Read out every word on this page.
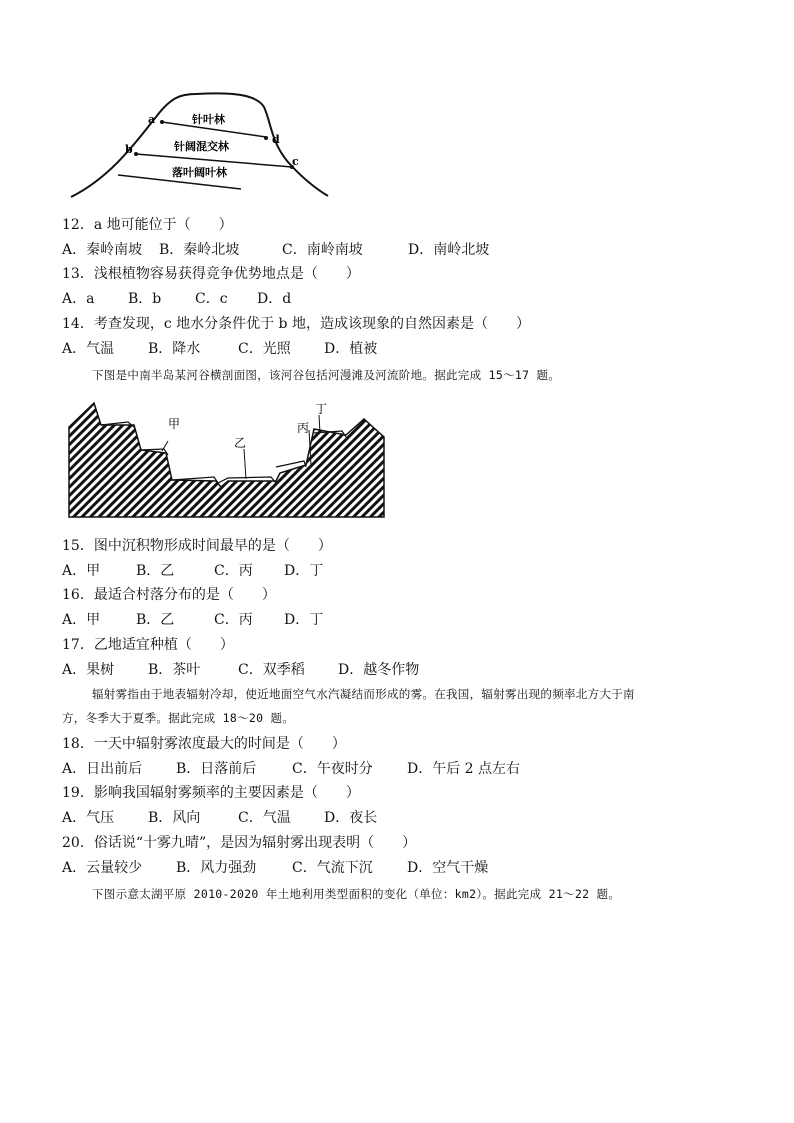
针叶林
针阔混交林
落叶阔叶林
a
b
c
d
12．a 地可能位于（　　）
A．秦岭南坡 B．秦岭北坡	C．南岭南坡	D．南岭北坡
13．浅根植物容易获得竞争优势地点是（　　）
A．a B．b C．c D．d
14．考查发现，c 地水分条件优于 b 地，造成该现象的自然因素是（　　）
A．气温 B．降水	C．光照 D．植被
下图是中南半岛某河谷横剖面图，该河谷包括河漫滩及河流阶地。据此完成 15～17 题。
甲
乙
丙
丁
15．图中沉积物形成时间最早的是（　　）
A．甲	B．乙	C．丙 D．丁
16．最适合村落分布的是（　　）
A．甲	B．乙	C．丙 D．丁
17．乙地适宜种植（　　）
A．果树 B．茶叶	C．双季稻 D．越冬作物
辐射雾指由于地表辐射冷却，使近地面空气水汽凝结而形成的雾。在我国，辐射雾出现的频率北方大于南
方，冬季大于夏季。据此完成 18～20 题。
18．一天中辐射雾浓度最大的时间是（　　）
A．日出前后 B．日落前后	C．午夜时分 D．午后 2 点左右
19．影响我国辐射雾频率的主要因素是（　　）
A．气压 B．风向	C．气温 D．夜长
20．俗话说“十雾九晴”，是因为辐射雾出现表明（　　）
A．云量较少 B．风力强劲	C．气流下沉 D．空气干燥
下图示意太湖平原 2010-2020 年土地利用类型面积的变化（单位：km2）。据此完成 21～22 题。
